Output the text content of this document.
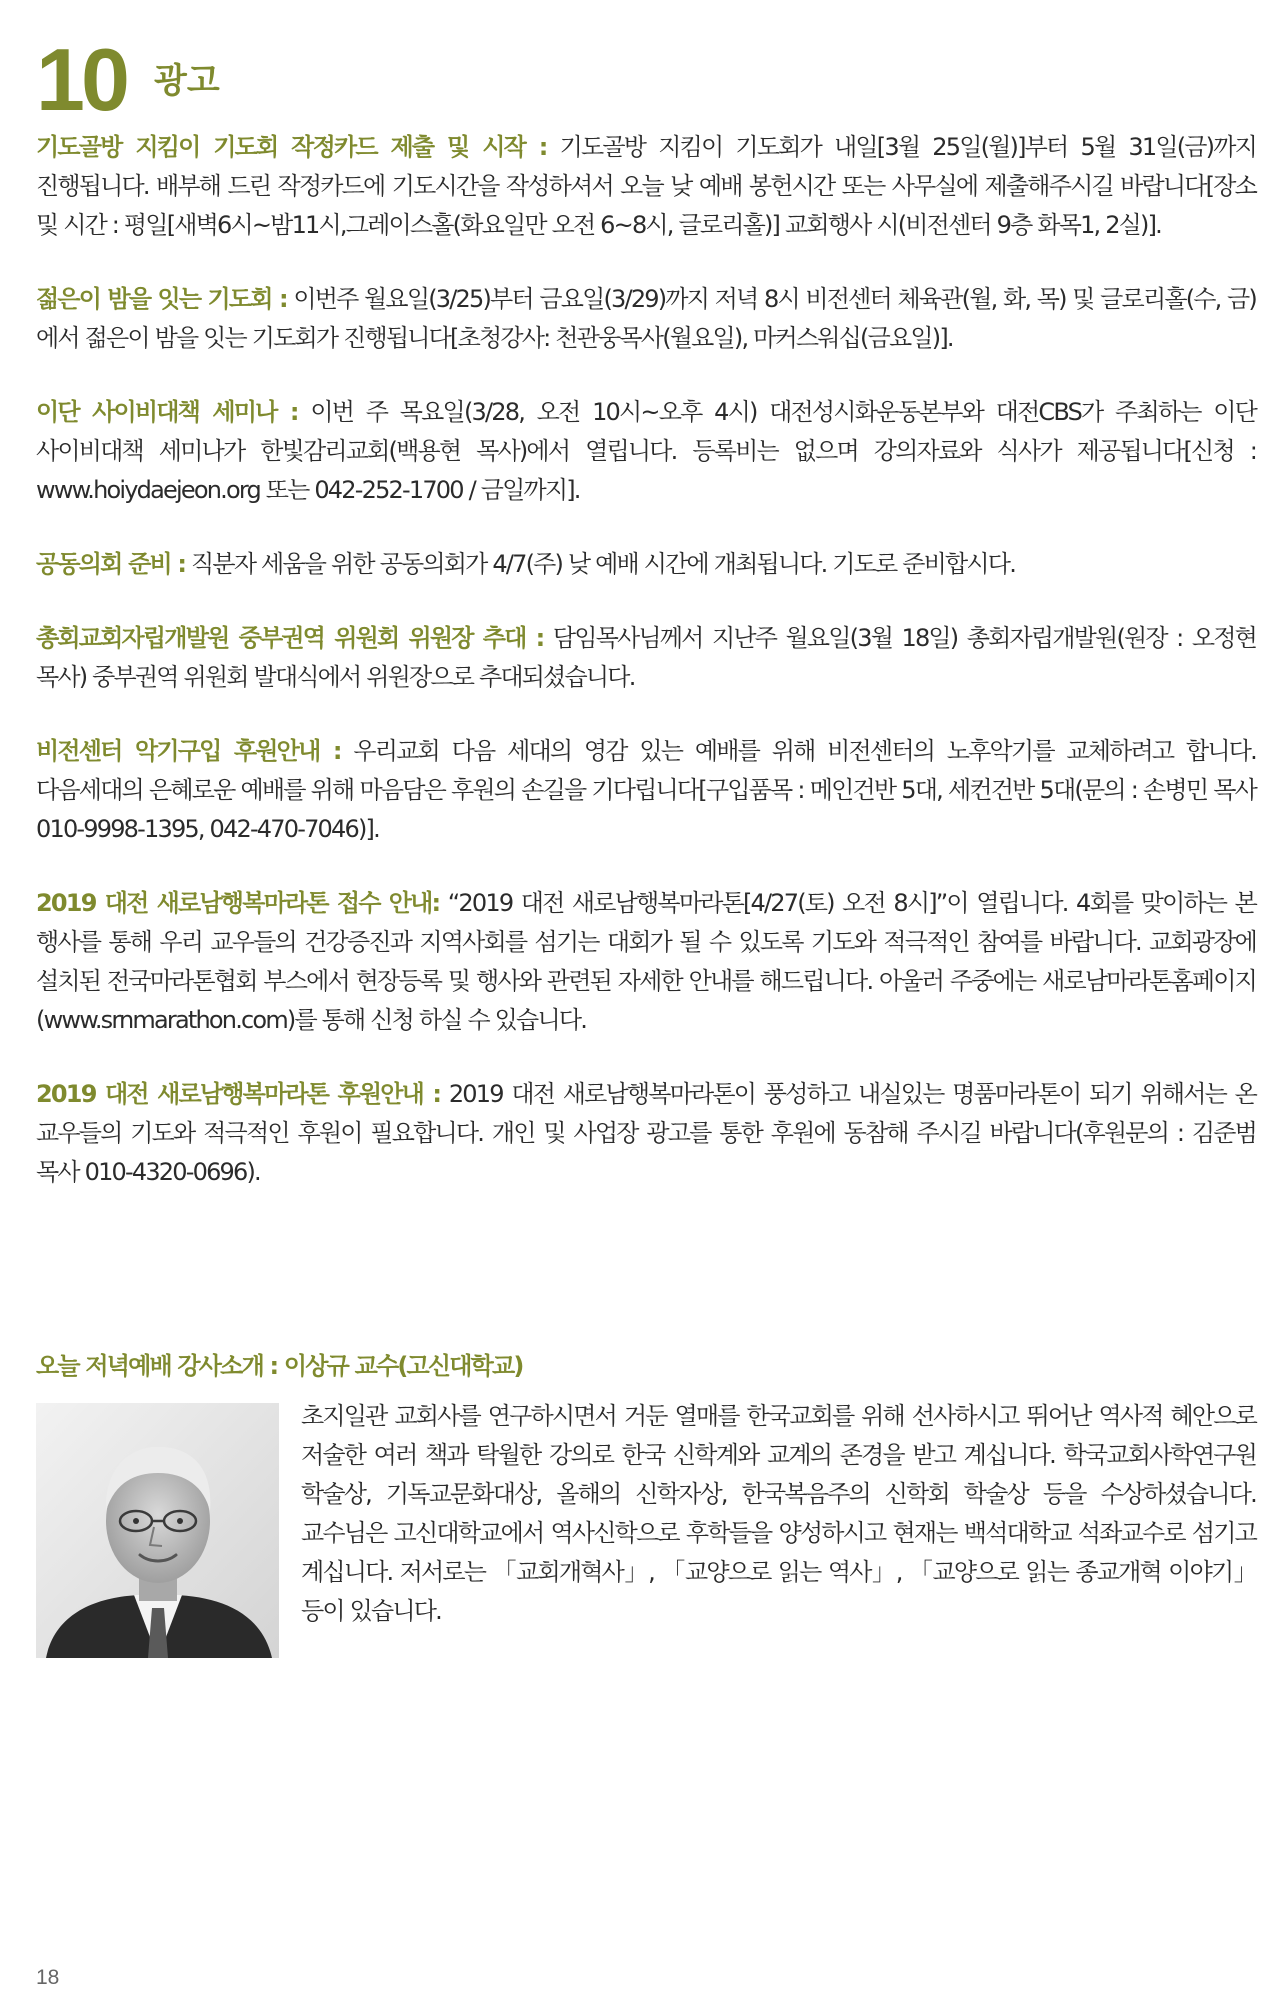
10 광고

기도골방 지킴이 기도회 작정카드 제출 및 시작 : 기도골방 지킴이 기도회가 내일[3월 25일(월)]부터 5월 31일(금)까지 진행됩니다. 배부해 드린 작정카드에 기도시간을 작성하셔서 오늘 낮 예배 봉헌시간 또는 사무실에 제출해주시길 바랍니다[장소 및 시간 : 평일[새벽6시~밤11시,그레이스홀(화요일만 오전 6~8시, 글로리홀)] 교회행사 시(비전센터 9층 화목1, 2실)].

젊은이 밤을 잇는 기도회 : 이번주 월요일(3/25)부터 금요일(3/29)까지 저녁 8시 비전센터 체육관(월, 화, 목) 및 글로리홀(수, 금)에서 젊은이 밤을 잇는 기도회가 진행됩니다[초청강사: 천관웅목사(월요일), 마커스워십(금요일)].

이단 사이비대책 세미나 : 이번 주 목요일(3/28, 오전 10시~오후 4시) 대전성시화운동본부와 대전CBS가 주최하는 이단 사이비대책 세미나가 한빛감리교회(백용현 목사)에서 열립니다. 등록비는 없으며 강의자료와 식사가 제공됩니다[신청 : www.hoiydaejeon.org 또는 042-252-1700 / 금일까지].

공동의회 준비 : 직분자 세움을 위한 공동의회가 4/7(주) 낮 예배 시간에 개최됩니다. 기도로 준비합시다.

총회교회자립개발원 중부권역 위원회 위원장 추대 : 담임목사님께서 지난주 월요일(3월 18일) 총회자립개발원(원장 : 오정현 목사) 중부권역 위원회 발대식에서 위원장으로 추대되셨습니다.

비전센터 악기구입 후원안내 : 우리교회 다음 세대의 영감 있는 예배를 위해 비전센터의 노후악기를 교체하려고 합니다. 다음세대의 은혜로운 예배를 위해 마음담은 후원의 손길을 기다립니다[구입품목 : 메인건반 5대, 세컨건반 5대(문의 : 손병민 목사 010-9998-1395, 042-470-7046)].

2019 대전 새로남행복마라톤 접수 안내: “2019 대전 새로남행복마라톤[4/27(토) 오전 8시]”이 열립니다. 4회를 맞이하는 본 행사를 통해 우리 교우들의 건강증진과 지역사회를 섬기는 대회가 될 수 있도록 기도와 적극적인 참여를 바랍니다. 교회광장에 설치된 전국마라톤협회 부스에서 현장등록 및 행사와 관련된 자세한 안내를 해드립니다. 아울러 주중에는 새로남마라톤홈페이지(www.srnmarathon.com)를 통해 신청 하실 수 있습니다.

2019 대전 새로남행복마라톤 후원안내 : 2019 대전 새로남행복마라톤이 풍성하고 내실있는 명품마라톤이 되기 위해서는 온 교우들의 기도와 적극적인 후원이 필요합니다. 개인 및 사업장 광고를 통한 후원에 동참해 주시길 바랍니다(후원문의 : 김준범 목사 010-4320-0696).

오늘 저녁예배 강사소개 : 이상규 교수(고신대학교)
초지일관 교회사를 연구하시면서 거둔 열매를 한국교회를 위해 선사하시고 뛰어난 역사적 혜안으로 저술한 여러 책과 탁월한 강의로 한국 신학계와 교계의 존경을 받고 계십니다. 학국교회사학연구원 학술상, 기독교문화대상, 올해의 신학자상, 한국복음주의 신학회 학술상 등을 수상하셨습니다. 교수님은 고신대학교에서 역사신학으로 후학들을 양성하시고 현재는 백석대학교 석좌교수로 섬기고 계십니다. 저서로는 「교회개혁사」, 「교양으로 읽는 역사」, 「교양으로 읽는 종교개혁 이야기」 등이 있습니다.
18
